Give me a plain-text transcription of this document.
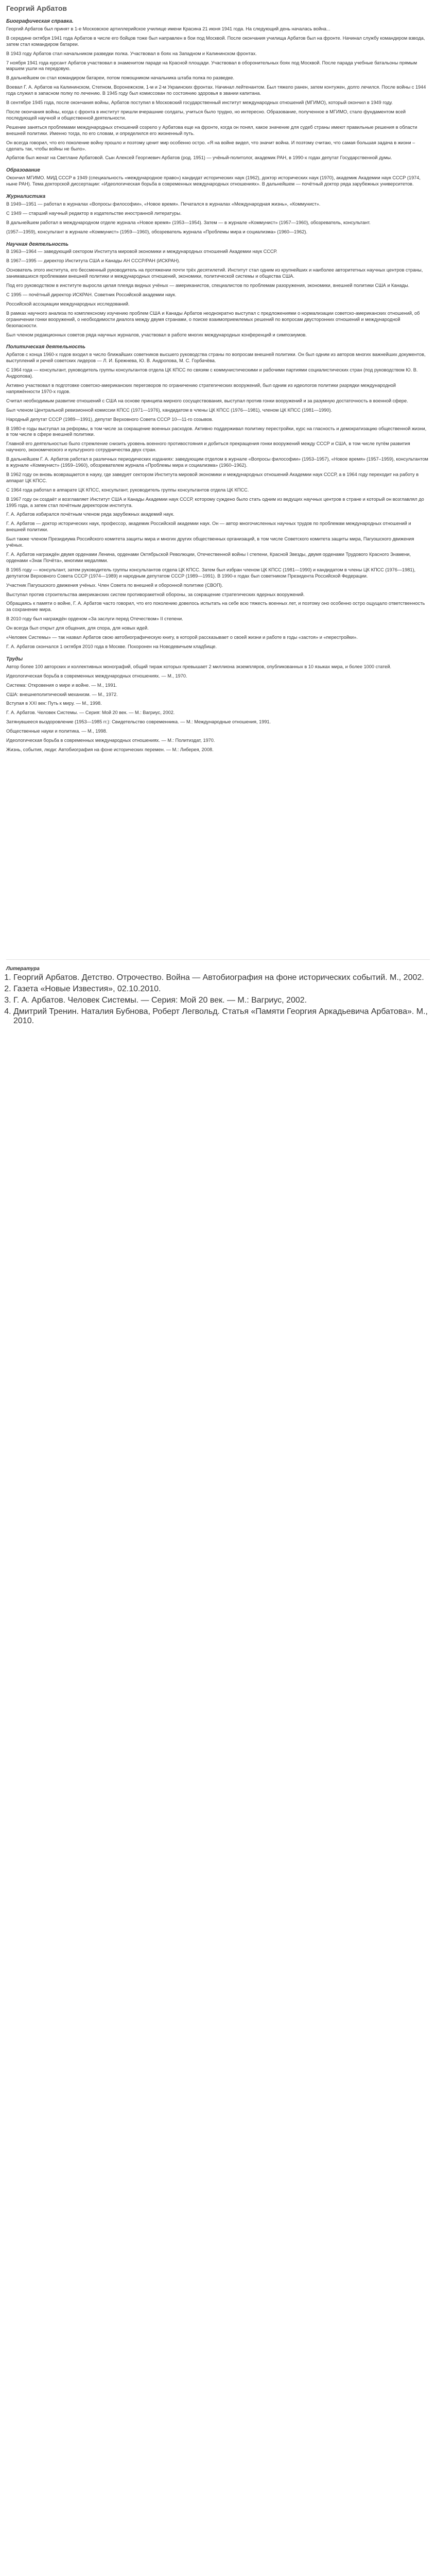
Георгий Арбатов
Биографическая справка.

Георгий Арбатов был принят в 1-е Московское артиллерийское училище имени Красина 21 июня 1941 года. На следующий день началась война...

В середине октября 1941 года Арбатов в числе его бойцов тоже был направлен в бои под Москвой. После окончания училища Арбатов был на фронте. Начинал службу командиром взвода, затем стал командиром батареи.

В 1943 году Арбатов стал начальником разведки полка. Участвовал в боях на Западном и Калининском фронтах.

7 ноября 1941 года курсант Арбатов участвовал в знаменитом параде на Красной площади. Участвовал в оборонительных боях под Москвой. После парада учебные батальоны прямым маршем ушли на передовую.

В дальнейшем он стал командиром батареи, потом помощником начальника штаба полка по разведке.

Воевал Г. А. Арбатов на Калининском, Степном, Воронежском, 1-м и 2-м Украинских фронтах. Начинал лейтенантом. Был тяжело ранен, затем контужен, долго лечился. После войны с 1944 года служил в запасном полку по лечению. В 1945 году был комиссован по состоянию здоровья в звании капитана.

В сентябре 1945 года, после окончания войны, Арбатов поступил в Московский государственный институт международных отношений (МГИМО), который окончил в 1949 году.

После окончания войны, когда с фронта в институт пришли вчерашние солдаты, учиться было трудно, но интересно. Образование, полученное в МГИМО, стало фундаментом всей последующей научной и общественной деятельности.

Решение заняться проблемами международных отношений созрело у Арбатова еще на фронте, когда он понял, какое значение для судеб страны имеют правильные решения в области внешней политики. Именно тогда, по его словам, и определился его жизненный путь.

Он всегда говорил, что его поколение войну прошло и поэтому ценит мир особенно остро. «Я на войне видел, что значит война. И поэтому считаю, что самая большая задача в жизни – сделать так, чтобы войны не было».

Арбатов был женат на Светлане Арбатовой. Сын Алексей Георгиевич Арбатов (род. 1951) — учёный-политолог, академик РАН, в 1990-х годах депутат Государственной думы.

Образование

Окончил МГИМО. МИД СССР в 1949 (специальность «международное право») кандидат исторических наук (1962), доктор исторических наук (1970), академик Академии наук СССР (1974, ныне РАН). Тема докторской диссертации: «Идеологическая борьба в современных международных отношениях». В дальнейшем — почётный доктор ряда зарубежных университетов.

Журналистика

В 1949—1951 — работал в журналах «Вопросы философии», «Новое время». Печатался в журналах «Международная жизнь», «Коммунист».

С 1949 — старший научный редактор в издательстве иностранной литературы.

В дальнейшем работал в международном отделе журнала «Новое время» (1953—1954). Затем — в журнале «Коммунист» (1957—1960), обозреватель, консультант.

(1957—1959), консультант в журнале «Коммунист» (1959—1960), обозреватель журнала «Проблемы мира и социализма» (1960—1962).

Научная деятельность

В 1963—1964 — заведующий сектором Института мировой экономики и международных отношений Академии наук СССР.

В 1967—1995 — директор Института США и Канады АН СССР/РАН (ИСКРАН).

Основатель этого института, его бессменный руководитель на протяжении почти трёх десятилетий. Институт стал одним из крупнейших и наиболее авторитетных научных центров страны, занимавшихся проблемами внешней политики и международных отношений, экономики, политической системы и общества США.

Под его руководством в институте выросла целая плеяда видных учёных — американистов, специалистов по проблемам разоружения, экономики, внешней политики США и Канады.

С 1995 — почётный директор ИСКРАН. Советник Российской академии наук.

Российской ассоциации международных исследований.

В рамках научного анализа по комплексному изучению проблем США и Канады Арбатов неоднократно выступал с предложениями о нормализации советско-американских отношений, об ограничении гонки вооружений, о необходимости диалога между двумя странами, о поиске взаимоприемлемых решений по вопросам двусторонних отношений и международной безопасности.

Был членом редакционных советов ряда научных журналов, участвовал в работе многих международных конференций и симпозиумов.

Политическая деятельность

Арбатов с конца 1960-х годов входил в число ближайших советников высшего руководства страны по вопросам внешней политики. Он был одним из авторов многих важнейших документов, выступлений и речей советских лидеров — Л. И. Брежнева, Ю. В. Андропова, М. С. Горбачёва.

С 1964 года — консультант, руководитель группы консультантов отдела ЦК КПСС по связям с коммунистическими и рабочими партиями социалистических стран (под руководством Ю. В. Андропова).

Активно участвовал в подготовке советско-американских переговоров по ограничению стратегических вооружений, был одним из идеологов политики разрядки международной напряжённости 1970-х годов.

Считал необходимым развитие отношений с США на основе принципа мирного сосуществования, выступал против гонки вооружений и за разумную достаточность в военной сфере.

Был членом Центральной ревизионной комиссии КПСС (1971—1976), кандидатом в члены ЦК КПСС (1976—1981), членом ЦК КПСС (1981—1990).

Народный депутат СССР (1989—1991), депутат Верховного Совета СССР 10—11-го созывов.

В 1980-е годы выступал за реформы, в том числе за сокращение военных расходов. Активно поддерживал политику перестройки, курс на гласность и демократизацию общественной жизни, в том числе в сфере внешней политики.

Главной его деятельностью было стремление снизить уровень военного противостояния и добиться прекращения гонки вооружений между СССР и США, в том числе путём развития научного, экономического и культурного сотрудничества двух стран.

В дальнейшем Г. А. Арбатов работал в различных периодических изданиях: заведующим отделом в журнале «Вопросы философии» (1953–1957), «Новое время» (1957–1959), консультантом в журнале «Коммунист» (1959–1960), обозревателем журнала «Проблемы мира и социализма» (1960–1962).

В 1962 году он вновь возвращается в науку, где заведует сектором Института мировой экономики и международных отношений Академии наук СССР, а в 1964 году переходит на работу в аппарат ЦК КПСС.

С 1964 года работал в аппарате ЦК КПСС, консультант, руководитель группы консультантов отдела ЦК КПСС.

В 1967 году он создаёт и возглавляет Институт США и Канады Академии наук СССР, которому суждено было стать одним из ведущих научных центров в стране и который он возглавлял до 1995 года, а затем стал почётным директором института.

Г. А. Арбатов избирался почётным членом ряда зарубежных академий наук.

Г. А. Арбатов — доктор исторических наук, профессор, академик Российской академии наук. Он — автор многочисленных научных трудов по проблемам международных отношений и внешней политики.

Был также членом Президиума Российского комитета защиты мира и многих других общественных организаций, в том числе Советского комитета защиты мира, Пагуошского движения учёных.

Г. А. Арбатов награждён двумя орденами Ленина, орденами Октябрьской Революции, Отечественной войны I степени, Красной Звезды, двумя орденами Трудового Красного Знамени, орденами «Знак Почёта», многими медалями.

В 1965 году — консультант, затем руководитель группы консультантов отдела ЦК КПСС. Затем был избран членом ЦК КПСС (1981—1990) и кандидатом в члены ЦК КПСС (1976—1981), депутатом Верховного Совета СССР (1974—1989) и народным депутатом СССР (1989—1991). В 1990-х годах был советником Президента Российской Федерации.

Участник Пагуошского движения учёных. Член Совета по внешней и оборонной политике (СВОП).

Выступал против строительства американских систем противоракетной обороны, за сокращение стратегических ядерных вооружений.

Обращаясь к памяти о войне, Г. А. Арбатов часто говорил, что его поколению довелось испытать на себе всю тяжесть военных лет, и поэтому оно особенно остро ощущало ответственность за сохранение мира.

В 2010 году был награждён орденом «За заслуги перед Отечеством» II степени.

Он всегда был открыт для общения, для спора, для новых идей.

«Человек Системы» — так назвал Арбатов свою автобиографическую книгу, в которой рассказывает о своей жизни и работе в годы «застоя» и «перестройки».

Г. А. Арбатов скончался 1 октября 2010 года в Москве. Похоронен на Новодевичьем кладбище.

Труды

Автор более 100 авторских и коллективных монографий, общий тираж которых превышает 2 миллиона экземпляров, опубликованных в 10 языках мира, и более 1000 статей.

Идеологическая борьба в современных международных отношениях. — М., 1970.

Система: Откровения о мире и войне. — М., 1991.

США: внешнеполитический механизм. — М., 1972.

Вступая в XXI век: Путь к миру. — М., 1998.

Г. А. Арбатов. Человек Системы. — Серия: Мой 20 век. — М.: Вагриус, 2002.

Затянувшееся выздоровление (1953—1985 гг.): Свидетельство современника. — М.: Международные отношения, 1991.

Общественные науки и политика. — М., 1998.

Идеологическая борьба в современных международных отношениях. — М.: Политиздат, 1970.

Жизнь, события, люди: Автобиография на фоне исторических перемен. — М.: Либерея, 2008.

Литература
1. Георгий Арбатов. Детство. Отрочество. Война — Автобиография на фоне исторических событий. М., 2002.
2. Газета «Новые Известия», 02.10.2010.
3. Г. А. Арбатов. Человек Системы. — Серия: Мой 20 век. — М.: Вагриус, 2002.
4. Дмитрий Тренин. Наталия Бубнова, Роберт Легвольд. Статья «Памяти Георгия Аркадьевича Арбатова». М., 2010.
